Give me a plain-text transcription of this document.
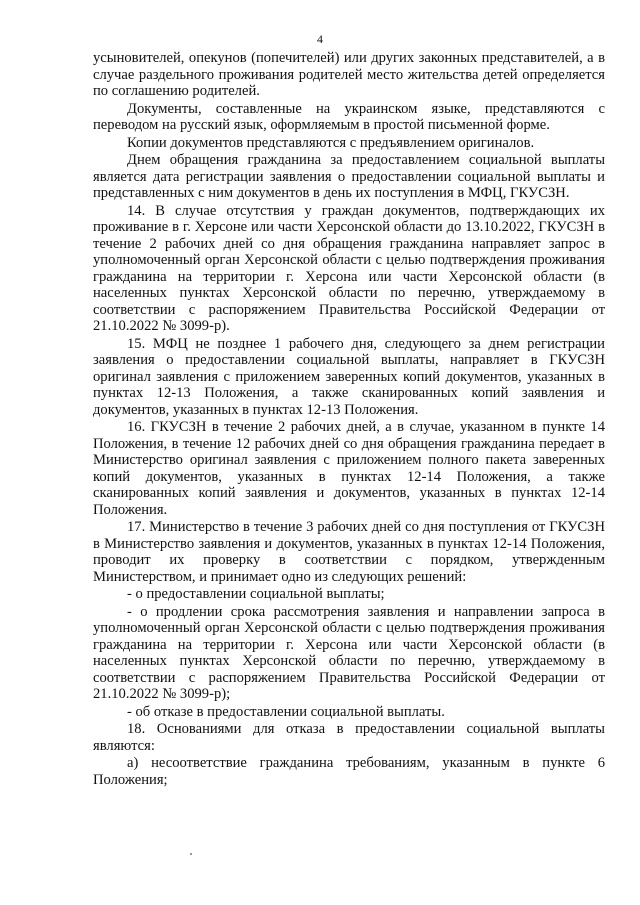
4

усыновителей, опекунов (попечителей) или других законных представителей, а в случае раздельного проживания родителей место жительства детей определяется по соглашению родителей.

Документы, составленные на украинском языке, представляются с переводом на русский язык, оформляемым в простой письменной форме.

Копии документов представляются с предъявлением оригиналов.

Днем обращения гражданина за предоставлением социальной выплаты является дата регистрации заявления о предоставлении социальной выплаты и представленных с ним документов в день их поступления в МФЦ, ГКУСЗН.

14. В случае отсутствия у граждан документов, подтверждающих их проживание в г. Херсоне или части Херсонской области до 13.10.2022, ГКУСЗН в течение 2 рабочих дней со дня обращения гражданина направляет запрос в уполномоченный орган Херсонской области с целью подтверждения проживания гражданина на территории г. Херсона или части Херсонской области (в населенных пунктах Херсонской области по перечню, утверждаемому в соответствии с распоряжением Правительства Российской Федерации от 21.10.2022 № 3099-р).

15. МФЦ не позднее 1 рабочего дня, следующего за днем регистрации заявления о предоставлении социальной выплаты, направляет в ГКУСЗН оригинал заявления с приложением заверенных копий документов, указанных в пунктах 12-13 Положения, а также сканированных копий заявления и документов, указанных в пунктах 12-13 Положения.

16. ГКУСЗН в течение 2 рабочих дней, а в случае, указанном в пункте 14 Положения, в течение 12 рабочих дней со дня обращения гражданина передает в Министерство оригинал заявления с приложением полного пакета заверенных копий документов, указанных в пунктах 12-14 Положения, а также сканированных копий заявления и документов, указанных в пунктах 12-14 Положения.

17. Министерство в течение 3 рабочих дней со дня поступления от ГКУСЗН в Министерство заявления и документов, указанных в пунктах 12-14 Положения, проводит их проверку в соответствии с порядком, утвержденным Министерством, и принимает одно из следующих решений:

- о предоставлении социальной выплаты;

- о продлении срока рассмотрения заявления и направлении запроса в уполномоченный орган Херсонской области с целью подтверждения проживания гражданина на территории г. Херсона или части Херсонской области (в населенных пунктах Херсонской области по перечню, утверждаемому в соответствии с распоряжением Правительства Российской Федерации от 21.10.2022 № 3099-р);

- об отказе в предоставлении социальной выплаты.

18. Основаниями для отказа в предоставлении социальной выплаты являются:

а) несоответствие гражданина требованиям, указанным в пункте 6 Положения;
